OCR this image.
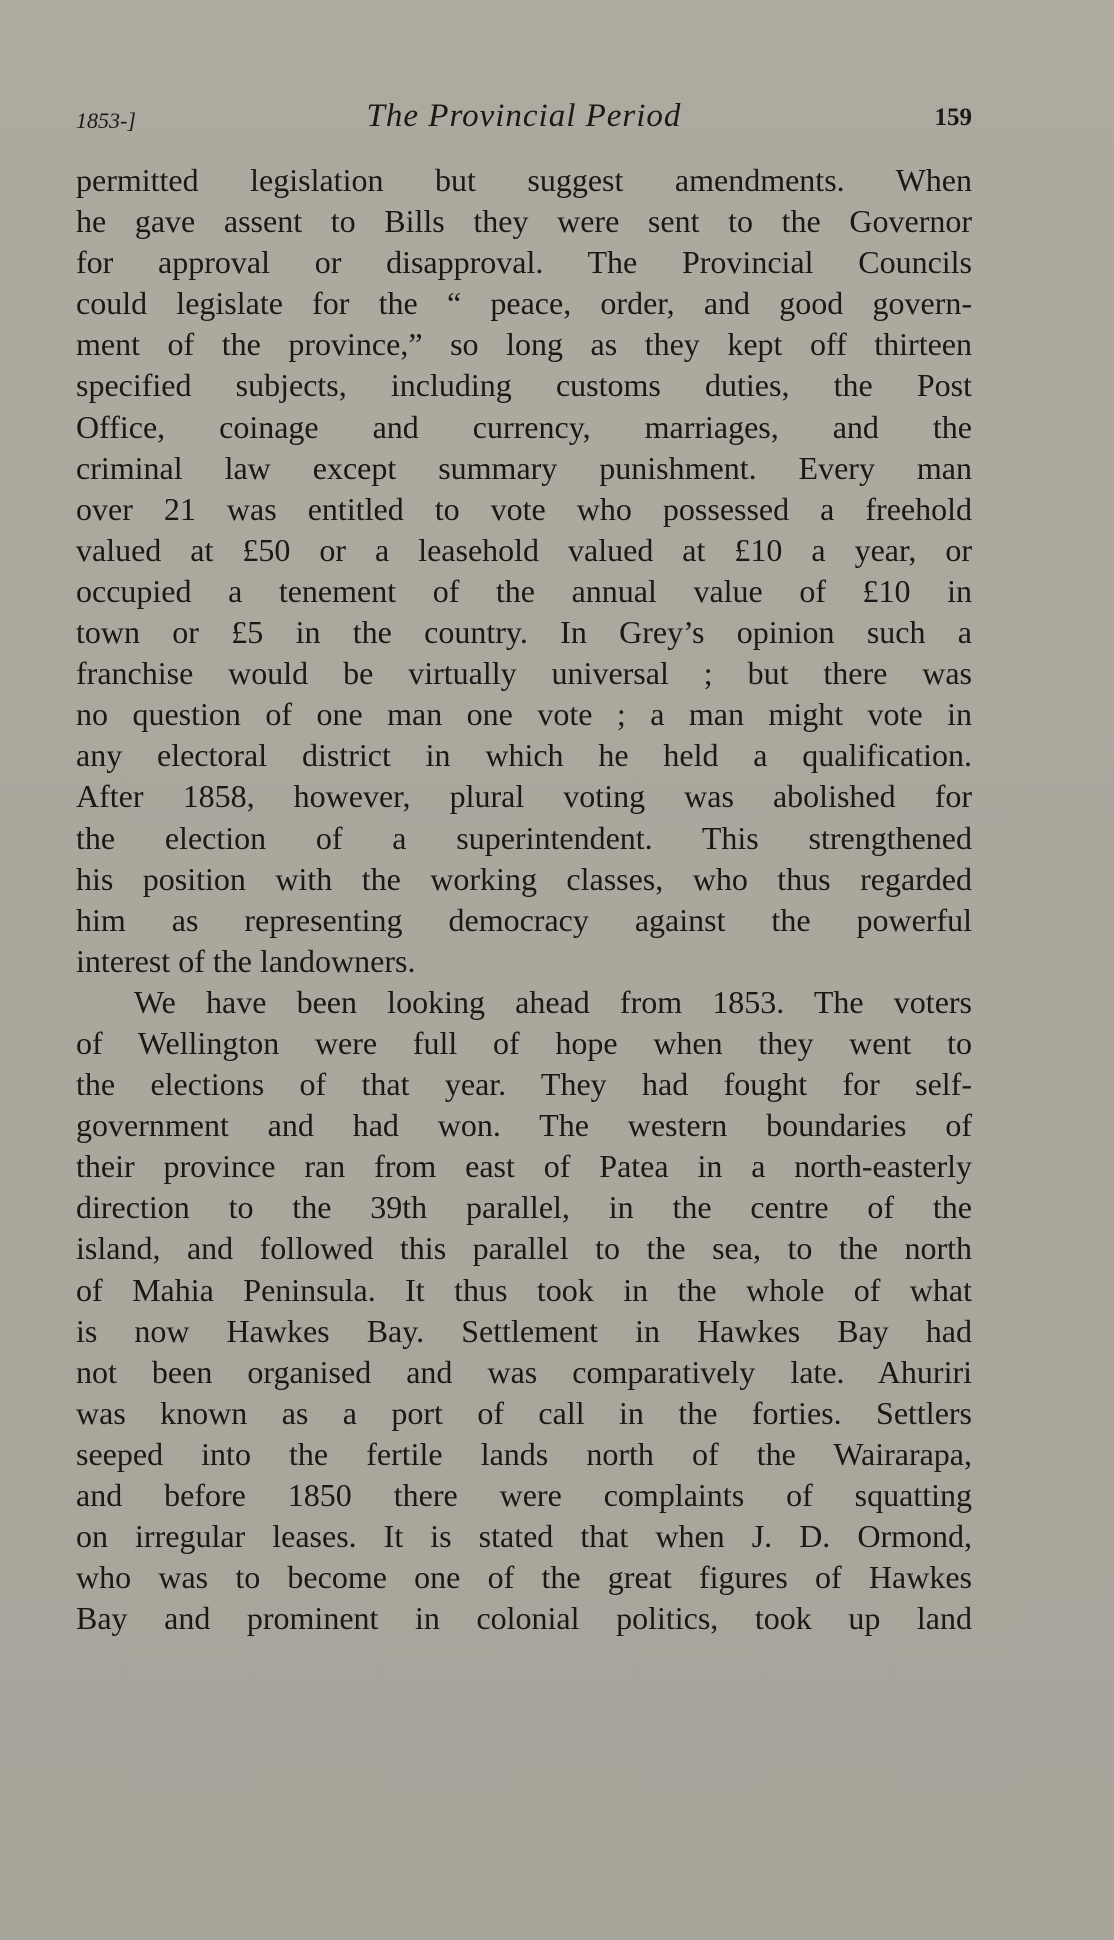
1853-]	The Provincial Period	159
permitted legislation but suggest amendments. When
he gave assent to Bills they were sent to the Governor
for approval or disapproval. The Provincial Councils
could legislate for the “ peace, order, and good govern-
ment of the province,” so long as they kept off thirteen
specified subjects, including customs duties, the Post
Office, coinage and currency, marriages, and the
criminal law except summary punishment. Every man
over 21 was entitled to vote who possessed a freehold
valued at £50 or a leasehold valued at £10 a year, or
occupied a tenement of the annual value of £10 in
town or £5 in the country. In Grey’s opinion such a
franchise would be virtually universal ; but there was
no question of one man one vote ; a man might vote in
any electoral district in which he held a qualification.
After 1858, however, plural voting was abolished for
the election of a superintendent. This strengthened
his position with the working classes, who thus regarded
him as representing democracy against the powerful
interest of the landowners.
We have been looking ahead from 1853. The voters
of Wellington were full of hope when they went to
the elections of that year. They had fought for self-
government and had won. The western boundaries of
their province ran from east of Patea in a north-easterly
direction to the 39th parallel, in the centre of the
island, and followed this parallel to the sea, to the north
of Mahia Peninsula. It thus took in the whole of what
is now Hawkes Bay. Settlement in Hawkes Bay had
not been organised and was comparatively late. Ahuriri
was known as a port of call in the forties. Settlers
seeped into the fertile lands north of the Wairarapa,
and before 1850 there were complaints of squatting
on irregular leases. It is stated that when J. D. Ormond,
who was to become one of the great figures of Hawkes
Bay and prominent in colonial politics, took up land
